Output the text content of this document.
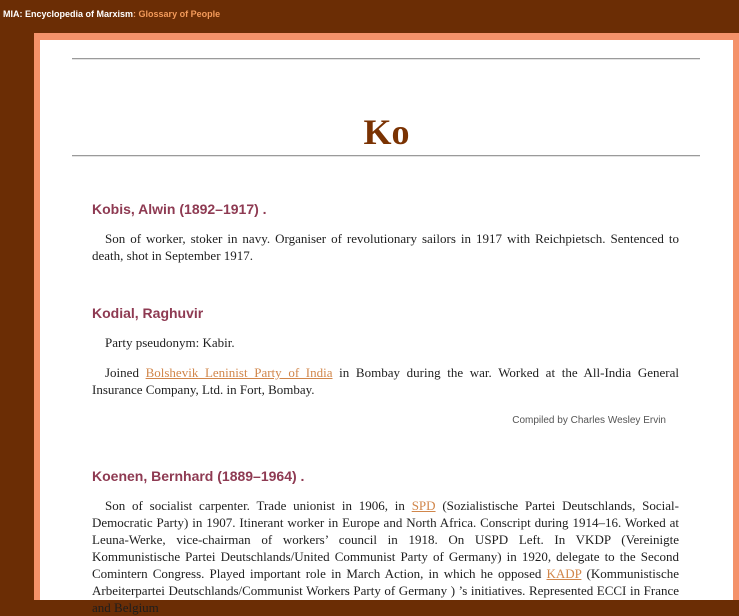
MIA: Encyclopedia of Marxism: Glossary of People
Ko
Kobis, Alwin (1892–1917) .

Son of worker, stoker in navy. Organiser of revolutionary sailors in 1917 with Reichpietsch. Sentenced to death, shot in September 1917.

Kodial, Raghuvir

Party pseudonym: Kabir.

Joined Bolshevik Leninist Party of India in Bombay during the war. Worked at the All-India General Insurance Company, Ltd. in Fort, Bombay.

Compiled by Charles Wesley Ervin

Koenen, Bernhard (1889–1964) .

Son of socialist carpenter. Trade unionist in 1906, in SPD (Sozialistische Partei Deutschlands, Social-Democratic Party) in 1907. Itinerant worker in Europe and North Africa. Conscript during 1914–16. Worked at Leuna-Werke, vice-chairman of workers’ council in 1918. On USPD Left. In VKDP (Vereinigte Kommunistische Partei Deutschlands/United Communist Party of Germany) in 1920, delegate to the Second Comintern Congress. Played important role in March Action, in which he opposed KADP (Kommunistische Arbeiterpartei Deutschlands/Communist Workers Party of Germany ) ’s initiatives. Represented ECCI in France and Belgium
